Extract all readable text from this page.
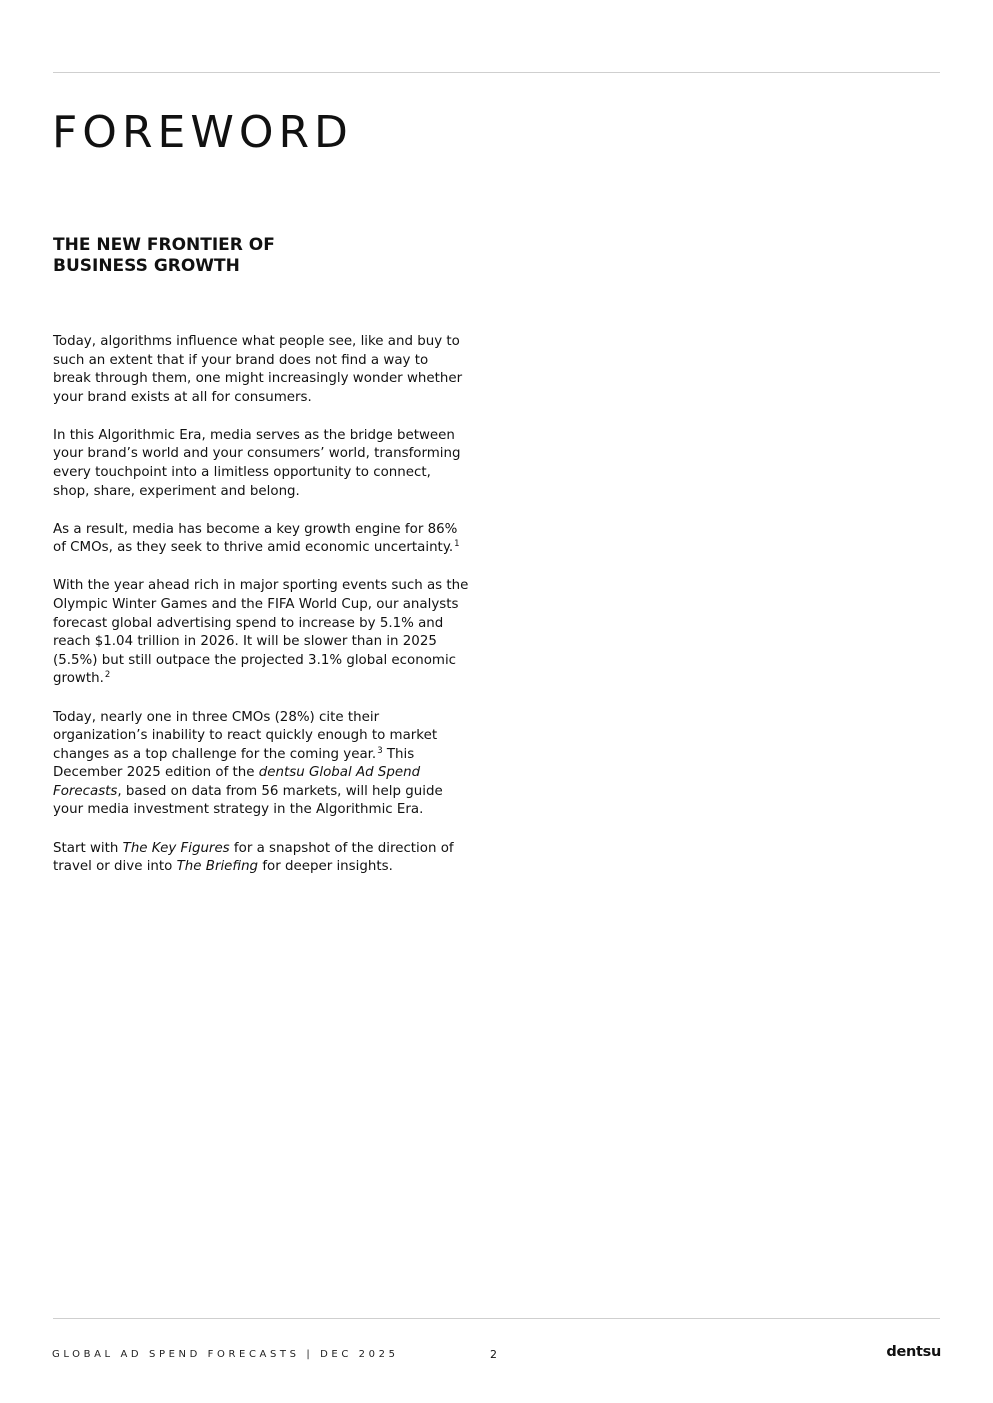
FOREWORD
THE NEW FRONTIER OF
BUSINESS GROWTH

Today, algorithms influence what people see, like and buy to
such an extent that if your brand does not find a way to
break through them, one might increasingly wonder whether
your brand exists at all for consumers.

In this Algorithmic Era, media serves as the bridge between
your brand’s world and your consumers’ world, transforming
every touchpoint into a limitless opportunity to connect,
shop, share, experiment and belong.

As a result, media has become a key growth engine for 86%
of CMOs, as they seek to thrive amid economic uncertainty.$^1$

With the year ahead rich in major sporting events such as the
Olympic Winter Games and the FIFA World Cup, our analysts
forecast global advertising spend to increase by 5.1% and
reach $1.04 trillion in 2026. It will be slower than in 2025
(5.5%) but still outpace the projected 3.1% global economic
growth.$^2$

Today, nearly one in three CMOs (28%) cite their
organization’s inability to react quickly enough to market
changes as a top challenge for the coming year.$^3$ This
December 2025 edition of the dentsu Global Ad Spend
Forecasts, based on data from 56 markets, will help guide
your media investment strategy in the Algorithmic Era.

Start with The Key Figures for a snapshot of the direction of
travel or dive into The Briefing for deeper insights.

GLOBAL AD SPEND FORECASTS | DEC 2025	2	dentsu
